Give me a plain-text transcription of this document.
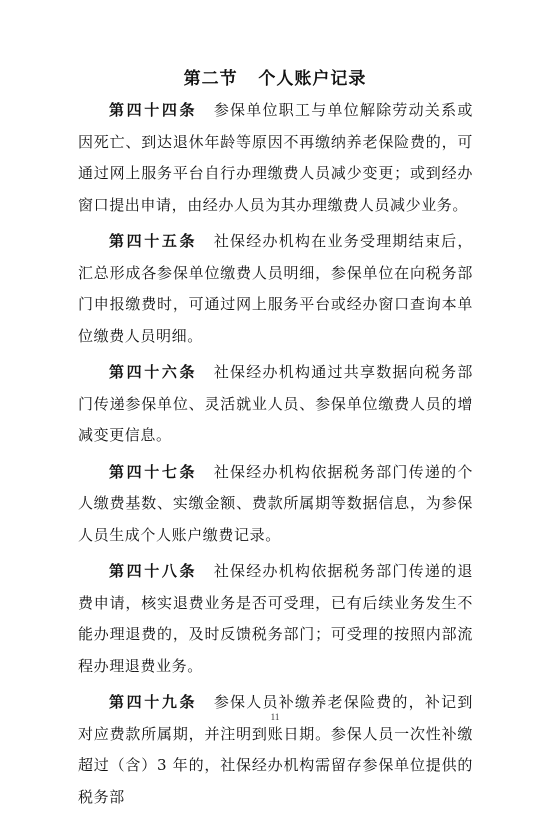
第二节   个人账户记录

第四十四条 参保单位职工与单位解除劳动关系或因死亡、到达退休年龄等原因不再缴纳养老保险费的，可通过网上服务平台自行办理缴费人员减少变更；或到经办窗口提出申请，由经办人员为其办理缴费人员减少业务。

第四十五条 社保经办机构在业务受理期结束后，汇总形成各参保单位缴费人员明细，参保单位在向税务部门申报缴费时，可通过网上服务平台或经办窗口查询本单位缴费人员明细。

第四十六条 社保经办机构通过共享数据向税务部门传递参保单位、灵活就业人员、参保单位缴费人员的增减变更信息。

第四十七条 社保经办机构依据税务部门传递的个人缴费基数、实缴金额、费款所属期等数据信息，为参保人员生成个人账户缴费记录。

第四十八条 社保经办机构依据税务部门传递的退费申请，核实退费业务是否可受理，已有后续业务发生不能办理退费的，及时反馈税务部门；可受理的按照内部流程办理退费业务。

第四十九条 参保人员补缴养老保险费的，补记到对应费款所属期，并注明到账日期。参保人员一次性补缴超过（含）3 年的，社保经办机构需留存参保单位提供的税务部

11
